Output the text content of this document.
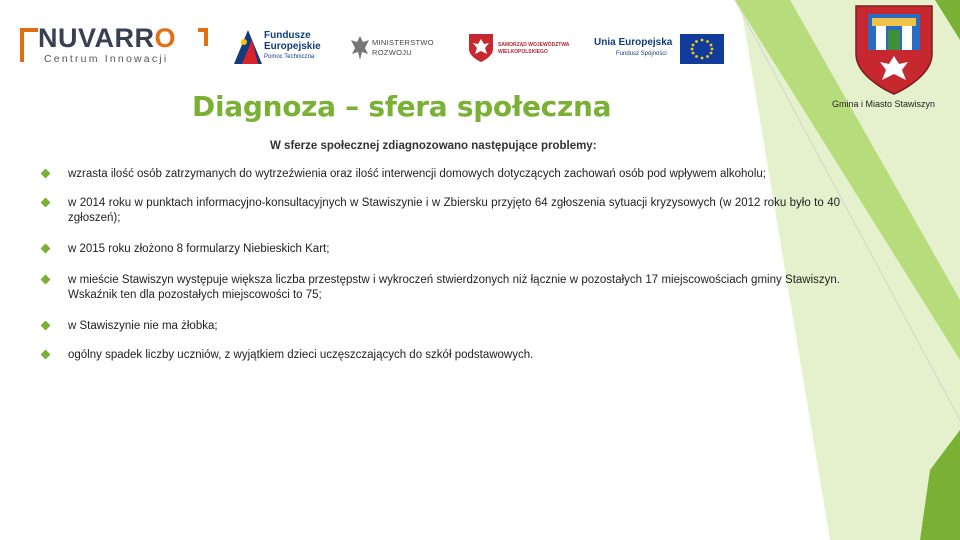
NUVARRO
Centrum Innowacji
Fundusze
Europejskie
Pomoc Techniczna
MINISTERSTWO
ROZWOJU
SAMORZĄD WOJEWÓDZTWA
WIELKOPOLSKIEGO
Unia Europejska
Fundusz Spójności
Gmina i Miasto Stawiszyn
Diagnoza – sfera społeczna
W sferze społecznej zdiagnozowano następujące problemy:
wzrasta ilość osób zatrzymanych do wytrzeźwienia oraz ilość interwencji domowych dotyczących zachowań osób pod wpływem alkoholu;
w 2014 roku w punktach informacyjno-konsultacyjnych w Stawiszynie i w Zbiersku przyjęto 64 zgłoszenia sytuacji kryzysowych (w 2012 roku było to 40 zgłoszeń);
w 2015 roku złożono 8 formularzy Niebieskich Kart;
w mieście Stawiszyn występuje większa liczba przestępstw i wykroczeń stwierdzonych niż łącznie w pozostałych 17 miejscowościach gminy Stawiszyn. Wskaźnik ten dla pozostałych miejscowości to 75;
w Stawiszynie nie ma żłobka;
ogólny spadek liczby uczniów, z wyjątkiem dzieci uczęszczających do szkół podstawowych.
